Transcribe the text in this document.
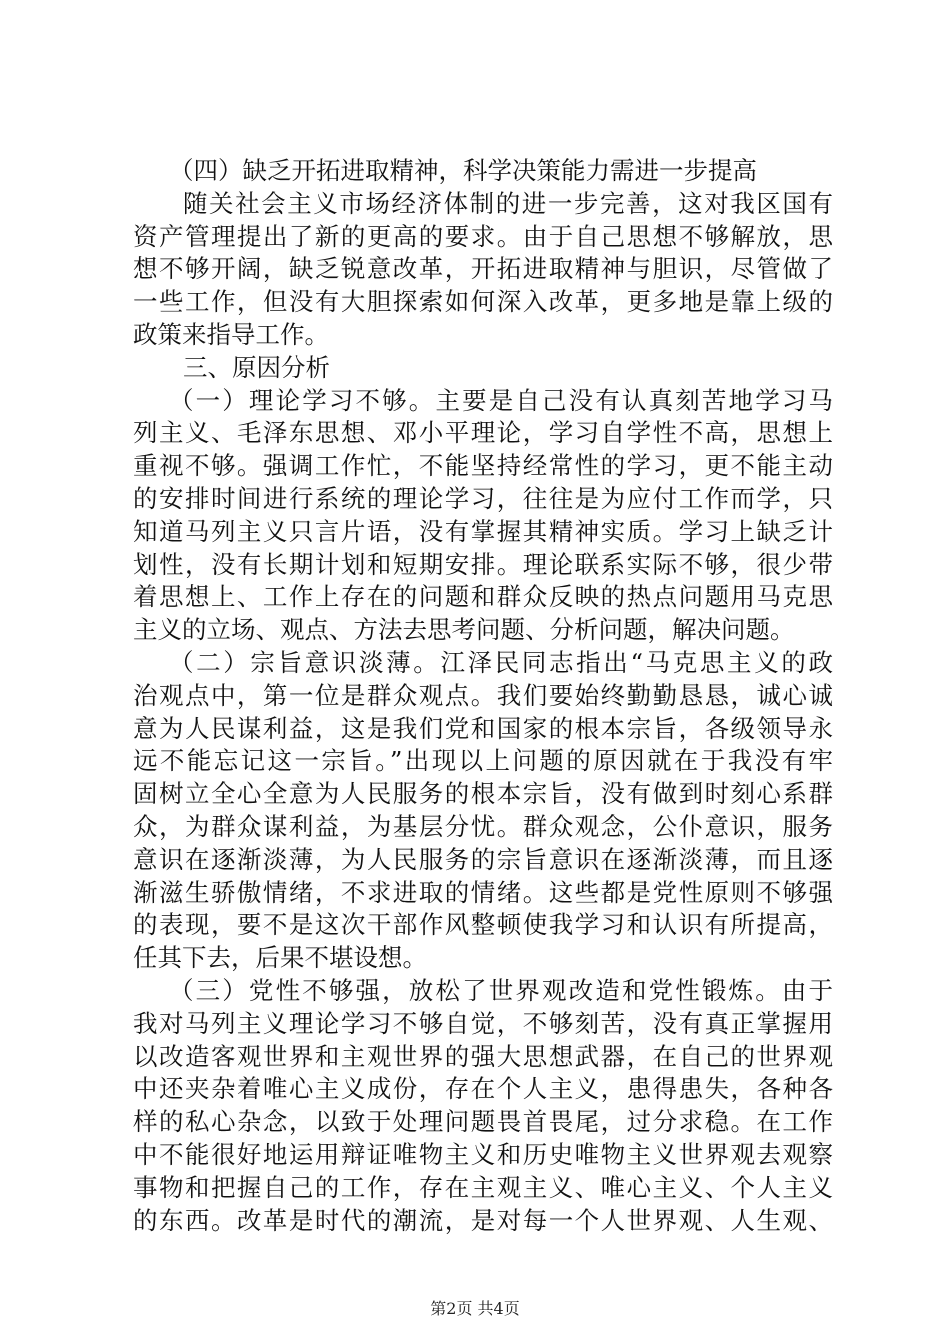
（四）缺乏开拓进取精神，科学决策能力需进一步提高
随关社会主义市场经济体制的进一步完善，这对我区国有
资产管理提出了新的更高的要求。由于自己思想不够解放，思
想不够开阔，缺乏锐意改革，开拓进取精神与胆识，尽管做了
一些工作，但没有大胆探索如何深入改革，更多地是靠上级的
政策来指导工作。
三、原因分析
（一）理论学习不够。主要是自己没有认真刻苦地学习马
列主义、毛泽东思想、邓小平理论，学习自学性不高，思想上
重视不够。强调工作忙，不能坚持经常性的学习，更不能主动
的安排时间进行系统的理论学习，往往是为应付工作而学，只
知道马列主义只言片语，没有掌握其精神实质。学习上缺乏计
划性，没有长期计划和短期安排。理论联系实际不够，很少带
着思想上、工作上存在的问题和群众反映的热点问题用马克思
主义的立场、观点、方法去思考问题、分析问题，解决问题。
（二）宗旨意识淡薄。江泽民同志指出“马克思主义的政
治观点中，第一位是群众观点。我们要始终勤勤恳恳，诚心诚
意为人民谋利益，这是我们党和国家的根本宗旨，各级领导永
远不能忘记这一宗旨。”出现以上问题的原因就在于我没有牢
固树立全心全意为人民服务的根本宗旨，没有做到时刻心系群
众，为群众谋利益，为基层分忧。群众观念，公仆意识，服务
意识在逐渐淡薄，为人民服务的宗旨意识在逐渐淡薄，而且逐
渐滋生骄傲情绪，不求进取的情绪。这些都是党性原则不够强
的表现，要不是这次干部作风整顿使我学习和认识有所提高，
任其下去，后果不堪设想。
（三）党性不够强，放松了世界观改造和党性锻炼。由于
我对马列主义理论学习不够自觉，不够刻苦，没有真正掌握用
以改造客观世界和主观世界的强大思想武器，在自己的世界观
中还夹杂着唯心主义成份，存在个人主义，患得患失，各种各
样的私心杂念，以致于处理问题畏首畏尾，过分求稳。在工作
中不能很好地运用辩证唯物主义和历史唯物主义世界观去观察
事物和把握自己的工作，存在主观主义、唯心主义、个人主义
的东西。改革是时代的潮流，是对每一个人世界观、人生观、
第2页 共4页
